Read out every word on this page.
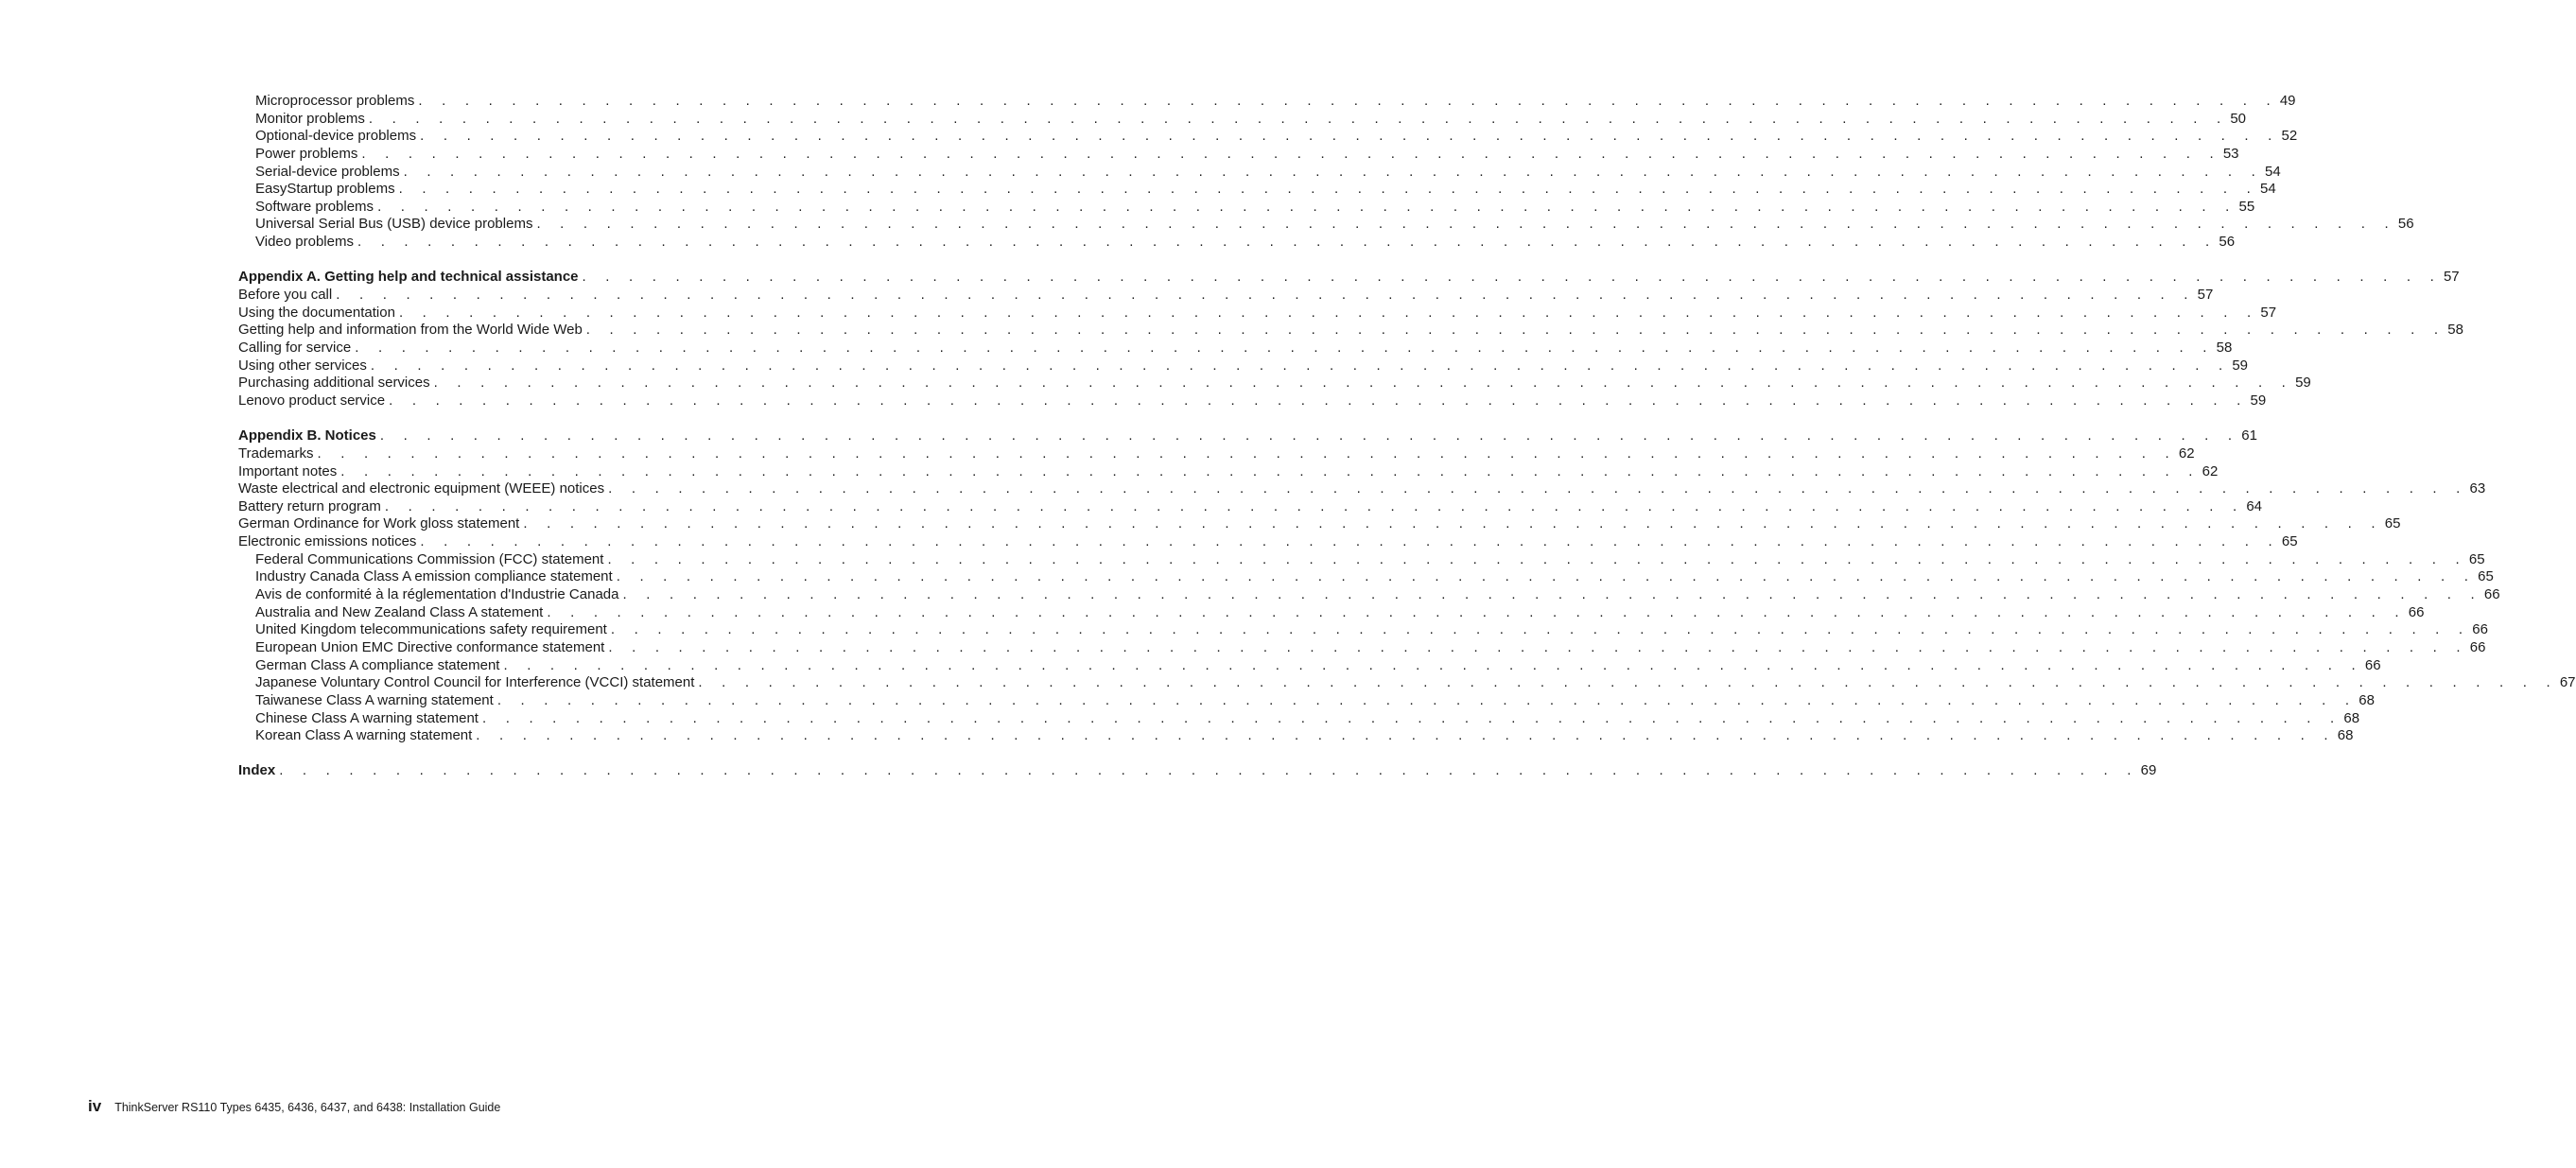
Microprocessor problems . . . . . . . . . . . . . . . . . . . . . . . . . . . . . . . . . . . . . . . . . . . . . . . . . . . . . . . . . . . . . . . . . . . . . . . . . . . . . . . . 49
Monitor problems . . . . . . . . . . . . . . . . . . . . . . . . . . . . . . . . . . . . . . . . . . . . . . . . . . . . . . . . . . . . . . . . . . . . . . . . . . . . . . . . 50
Optional-device problems . . . . . . . . . . . . . . . . . . . . . . . . . . . . . . . . . . . . . . . . . . . . . . . . . . . . . . . . . . . . . . . . . . . . . . . . . . . . . . . . 52
Power problems . . . . . . . . . . . . . . . . . . . . . . . . . . . . . . . . . . . . . . . . . . . . . . . . . . . . . . . . . . . . . . . . . . . . . . . . . . . . . . . . 53
Serial-device problems . . . . . . . . . . . . . . . . . . . . . . . . . . . . . . . . . . . . . . . . . . . . . . . . . . . . . . . . . . . . . . . . . . . . . . . . . . . . . . . . 54
EasyStartup problems . . . . . . . . . . . . . . . . . . . . . . . . . . . . . . . . . . . . . . . . . . . . . . . . . . . . . . . . . . . . . . . . . . . . . . . . . . . . . . . . 54
Software problems . . . . . . . . . . . . . . . . . . . . . . . . . . . . . . . . . . . . . . . . . . . . . . . . . . . . . . . . . . . . . . . . . . . . . . . . . . . . . . . . 55
Universal Serial Bus (USB) device problems . . . . . . . . . . . . . . . . . . . . . . . . . . . . . . . . . . . . . . . . . . . . . . . . . . . . . . . . . . . . . . . . . . . . . . . . . . . . . . . . 56
Video problems . . . . . . . . . . . . . . . . . . . . . . . . . . . . . . . . . . . . . . . . . . . . . . . . . . . . . . . . . . . . . . . . . . . . . . . . . . . . . . . . 56
Appendix A. Getting help and technical assistance . . . . . . . . . . . . . . . . . . . . . . . . . . . . . . . . . . . . . . . . . . . . . . . . . . . . . . . . . . . . . . . . . . . . . . . . . . . . . . . . 57
Before you call . . . . . . . . . . . . . . . . . . . . . . . . . . . . . . . . . . . . . . . . . . . . . . . . . . . . . . . . . . . . . . . . . . . . . . . . . . . . . . . . 57
Using the documentation . . . . . . . . . . . . . . . . . . . . . . . . . . . . . . . . . . . . . . . . . . . . . . . . . . . . . . . . . . . . . . . . . . . . . . . . . . . . . . . . 57
Getting help and information from the World Wide Web . . . . . . . . . . . . . . . . . . . . . . . . . . . . . . . . . . . . . . . . . . . . . . . . . . . . . . . . . . . . . . . . . . . . . . . . . . . . . . . . 58
Calling for service . . . . . . . . . . . . . . . . . . . . . . . . . . . . . . . . . . . . . . . . . . . . . . . . . . . . . . . . . . . . . . . . . . . . . . . . . . . . . . . . 58
Using other services . . . . . . . . . . . . . . . . . . . . . . . . . . . . . . . . . . . . . . . . . . . . . . . . . . . . . . . . . . . . . . . . . . . . . . . . . . . . . . . . 59
Purchasing additional services . . . . . . . . . . . . . . . . . . . . . . . . . . . . . . . . . . . . . . . . . . . . . . . . . . . . . . . . . . . . . . . . . . . . . . . . . . . . . . . . 59
Lenovo product service . . . . . . . . . . . . . . . . . . . . . . . . . . . . . . . . . . . . . . . . . . . . . . . . . . . . . . . . . . . . . . . . . . . . . . . . . . . . . . . . 59
Appendix B. Notices . . . . . . . . . . . . . . . . . . . . . . . . . . . . . . . . . . . . . . . . . . . . . . . . . . . . . . . . . . . . . . . . . . . . . . . . . . . . . . . . 61
Trademarks . . . . . . . . . . . . . . . . . . . . . . . . . . . . . . . . . . . . . . . . . . . . . . . . . . . . . . . . . . . . . . . . . . . . . . . . . . . . . . . . 62
Important notes . . . . . . . . . . . . . . . . . . . . . . . . . . . . . . . . . . . . . . . . . . . . . . . . . . . . . . . . . . . . . . . . . . . . . . . . . . . . . . . . 62
Waste electrical and electronic equipment (WEEE) notices . . . . . . . . . . . . . . . . . . . . . . . . . . . . . . . . . . . . . . . . . . . . . . . . . . . . . . . . . . . . . . . . . . . . . . . . . . . . . . . . 63
Battery return program . . . . . . . . . . . . . . . . . . . . . . . . . . . . . . . . . . . . . . . . . . . . . . . . . . . . . . . . . . . . . . . . . . . . . . . . . . . . . . . . 64
German Ordinance for Work gloss statement . . . . . . . . . . . . . . . . . . . . . . . . . . . . . . . . . . . . . . . . . . . . . . . . . . . . . . . . . . . . . . . . . . . . . . . . . . . . . . . . 65
Electronic emissions notices . . . . . . . . . . . . . . . . . . . . . . . . . . . . . . . . . . . . . . . . . . . . . . . . . . . . . . . . . . . . . . . . . . . . . . . . . . . . . . . . 65
Federal Communications Commission (FCC) statement . . . . . . . . . . . . . . . . . . . . . . . . . . . . . . . . . . . . . . . . . . . . . . . . . . . . . . . . . . . . . . . . . . . . . . . . . . . . . . . . 65
Industry Canada Class A emission compliance statement . . . . . . . . . . . . . . . . . . . . . . . . . . . . . . . . . . . . . . . . . . . . . . . . . . . . . . . . . . . . . . . . . . . . . . . . . . . . . . . . 65
Avis de conformité à la réglementation d'Industrie Canada . . . . . . . . . . . . . . . . . . . . . . . . . . . . . . . . . . . . . . . . . . . . . . . . . . . . . . . . . . . . . . . . . . . . . . . . . . . . . . . . 66
Australia and New Zealand Class A statement . . . . . . . . . . . . . . . . . . . . . . . . . . . . . . . . . . . . . . . . . . . . . . . . . . . . . . . . . . . . . . . . . . . . . . . . . . . . . . . . 66
United Kingdom telecommunications safety requirement . . . . . . . . . . . . . . . . . . . . . . . . . . . . . . . . . . . . . . . . . . . . . . . . . . . . . . . . . . . . . . . . . . . . . . . . . . . . . . . . 66
European Union EMC Directive conformance statement . . . . . . . . . . . . . . . . . . . . . . . . . . . . . . . . . . . . . . . . . . . . . . . . . . . . . . . . . . . . . . . . . . . . . . . . . . . . . . . . 66
German Class A compliance statement . . . . . . . . . . . . . . . . . . . . . . . . . . . . . . . . . . . . . . . . . . . . . . . . . . . . . . . . . . . . . . . . . . . . . . . . . . . . . . . . 66
Japanese Voluntary Control Council for Interference (VCCI) statement . . . . . . . . . . . . . . . . . . . . . . . . . . . . . . . . . . . . . . . . . . . . . . . . . . . . . . . . . . . . . . . . . . . . . . . . . . . . . . . . 67
Taiwanese Class A warning statement . . . . . . . . . . . . . . . . . . . . . . . . . . . . . . . . . . . . . . . . . . . . . . . . . . . . . . . . . . . . . . . . . . . . . . . . . . . . . . . . 68
Chinese Class A warning statement . . . . . . . . . . . . . . . . . . . . . . . . . . . . . . . . . . . . . . . . . . . . . . . . . . . . . . . . . . . . . . . . . . . . . . . . . . . . . . . . 68
Korean Class A warning statement . . . . . . . . . . . . . . . . . . . . . . . . . . . . . . . . . . . . . . . . . . . . . . . . . . . . . . . . . . . . . . . . . . . . . . . . . . . . . . . . 68
Index . . . . . . . . . . . . . . . . . . . . . . . . . . . . . . . . . . . . . . . . . . . . . . . . . . . . . . . . . . . . . . . . . . . . . . . . . . . . . . . . 69
iv ThinkServer RS110 Types 6435, 6436, 6437, and 6438: Installation Guide
